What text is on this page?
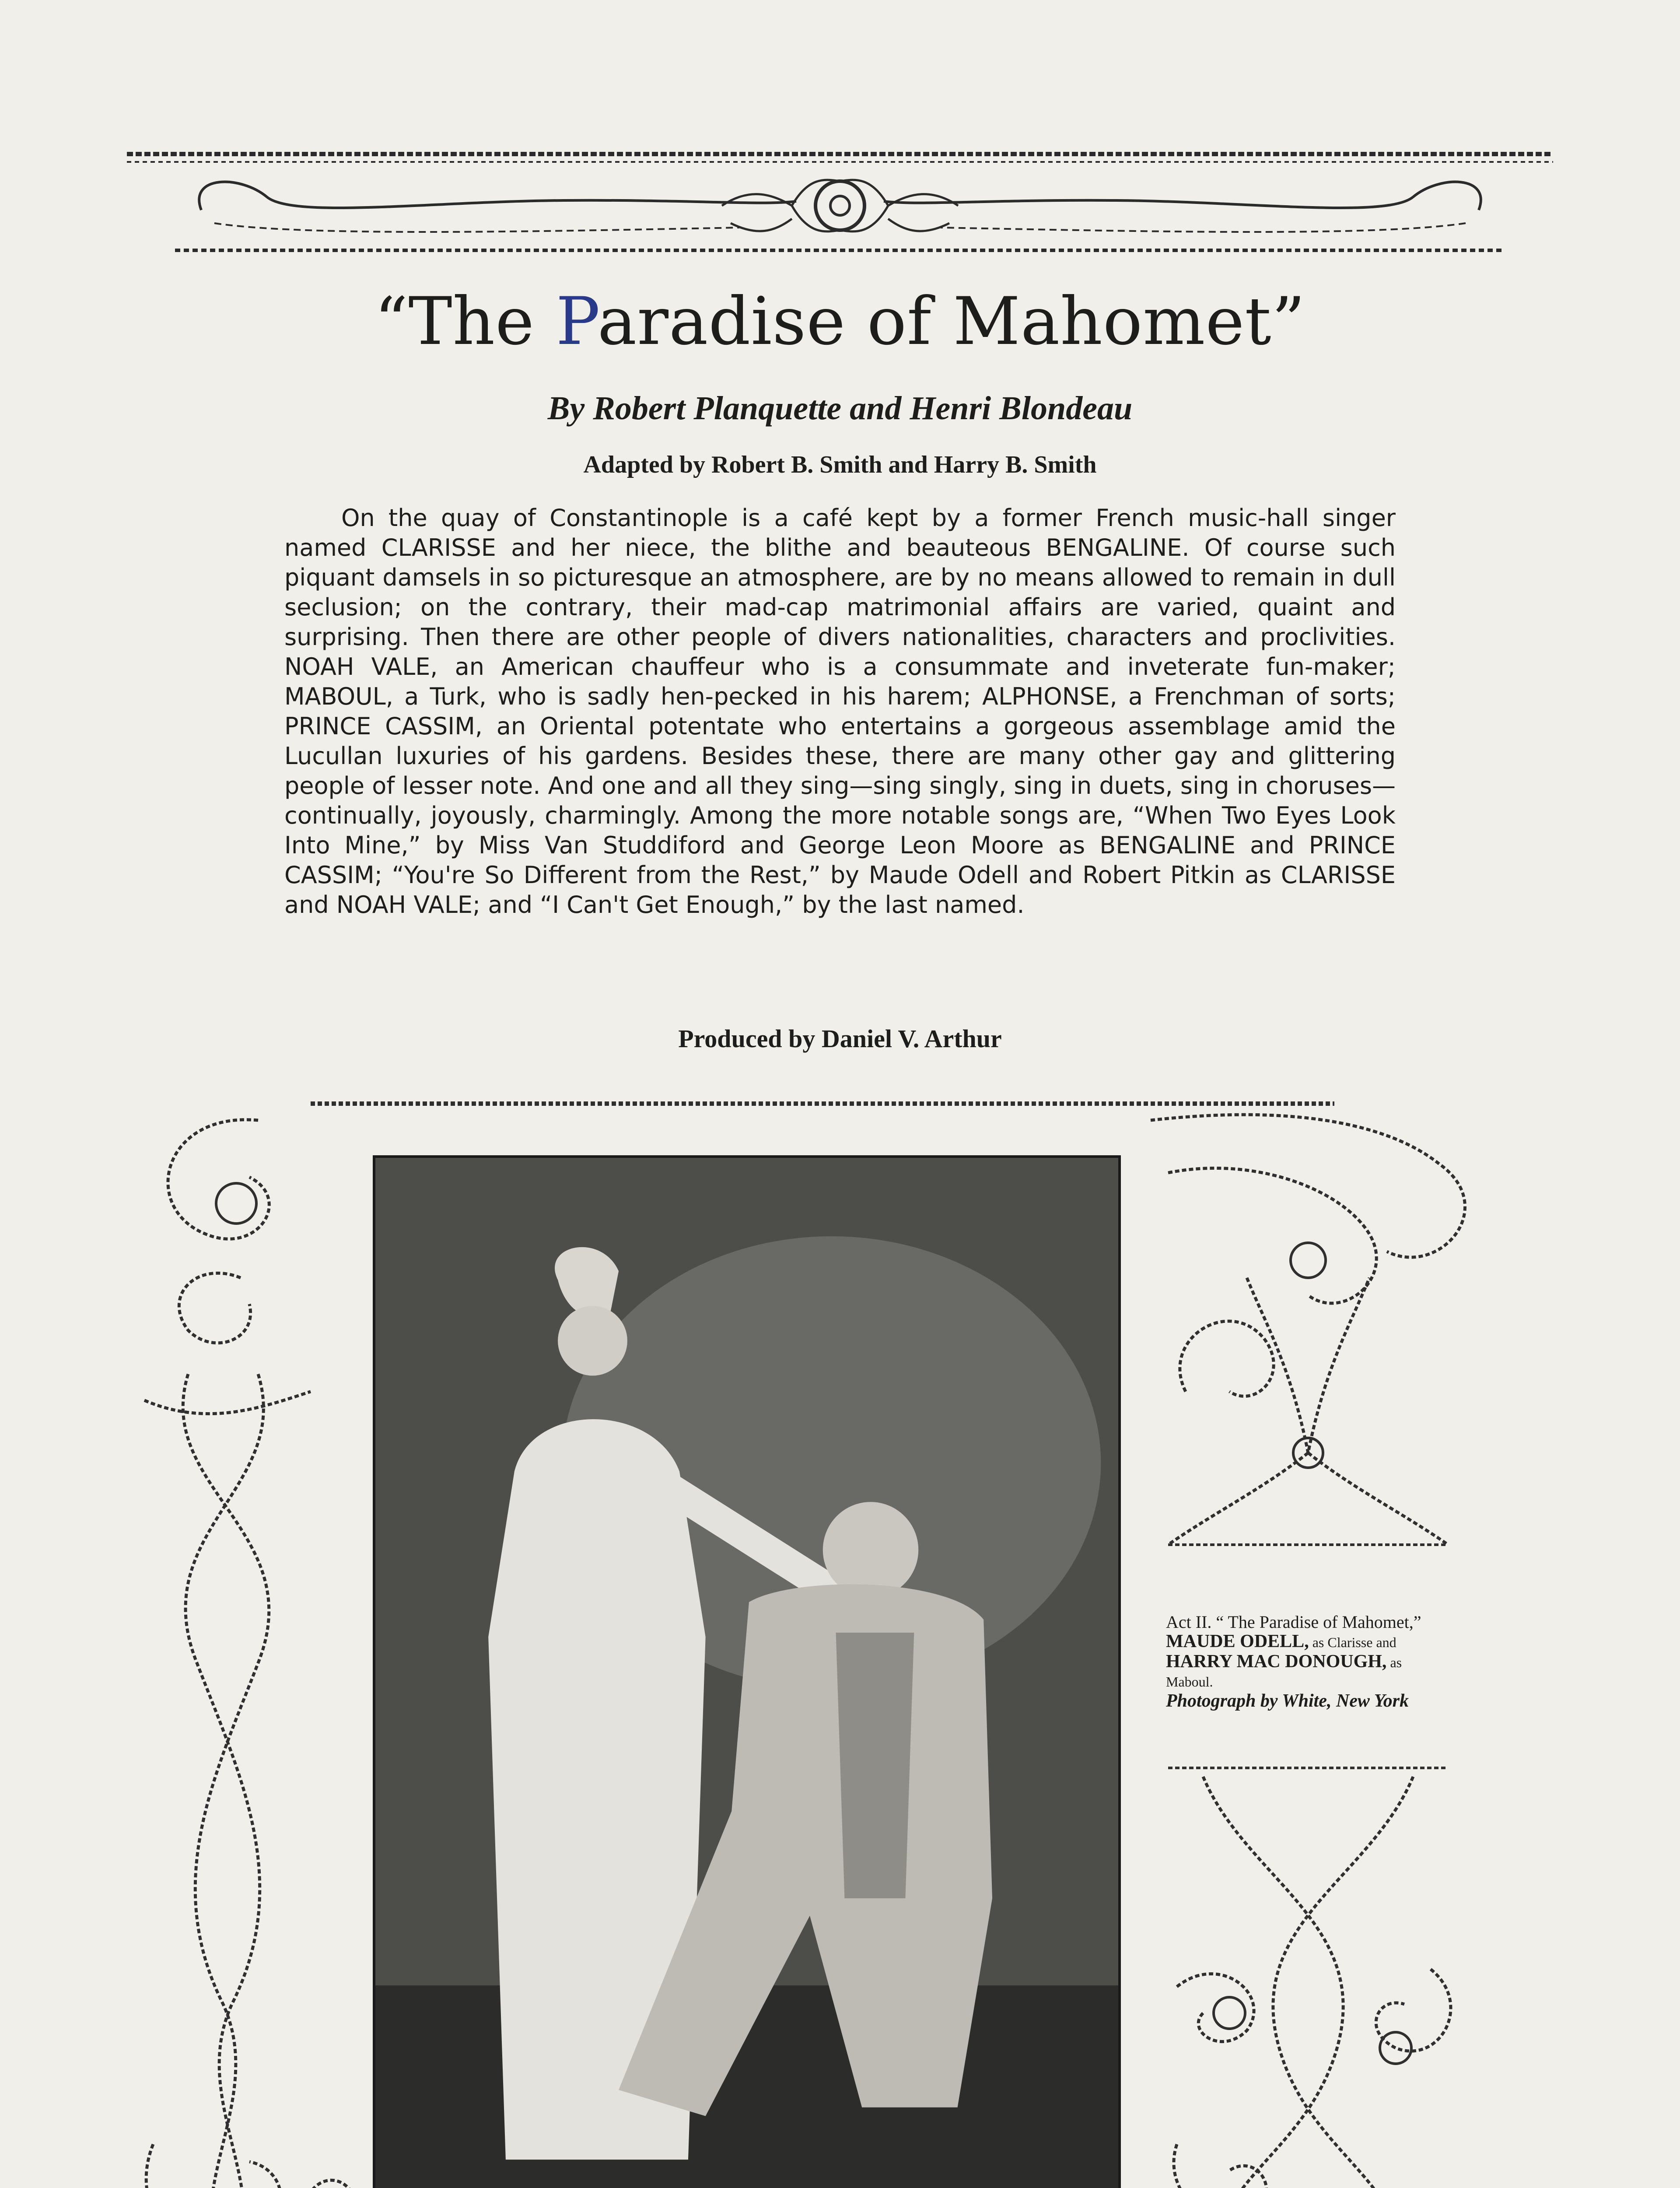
“The Paradise of Mahomet”
By Robert Planquette and Henri Blondeau
Adapted by Robert B. Smith and Harry B. Smith

On the quay of Constantinople is a café kept by a former French music-hall singer named CLARISSE and her niece, the blithe and beauteous BENGALINE. Of course such piquant damsels in so picturesque an atmosphere, are by no means allowed to remain in dull seclusion; on the contrary, their mad-cap matrimonial affairs are varied, quaint and surprising. Then there are other people of divers nationalities, characters and proclivities. NOAH VALE, an American chauffeur who is a consummate and inveterate fun-maker; MABOUL, a Turk, who is sadly hen-pecked in his harem; ALPHONSE, a Frenchman of sorts; PRINCE CASSIM, an Oriental potentate who entertains a gorgeous assemblage amid the Lucullan luxuries of his gardens. Besides these, there are many other gay and glittering people of lesser note. And one and all they sing—sing singly, sing in duets, sing in choruses—continually, joyously, charmingly. Among the more notable songs are, “When Two Eyes Look Into Mine,” by Miss Van Studdiford and George Leon Moore as BENGALINE and PRINCE CASSIM; “You're So Different from the Rest,” by Maude Odell and Robert Pitkin as CLARISSE and NOAH VALE; and “I Can't Get Enough,” by the last named.

Produced by Daniel V. Arthur
Act II. “ The Paradise of Mahomet,”
MAUDE ODELL, as Clarisse and
HARRY MAC DONOUGH, as
Maboul.
Photograph by White, New York
